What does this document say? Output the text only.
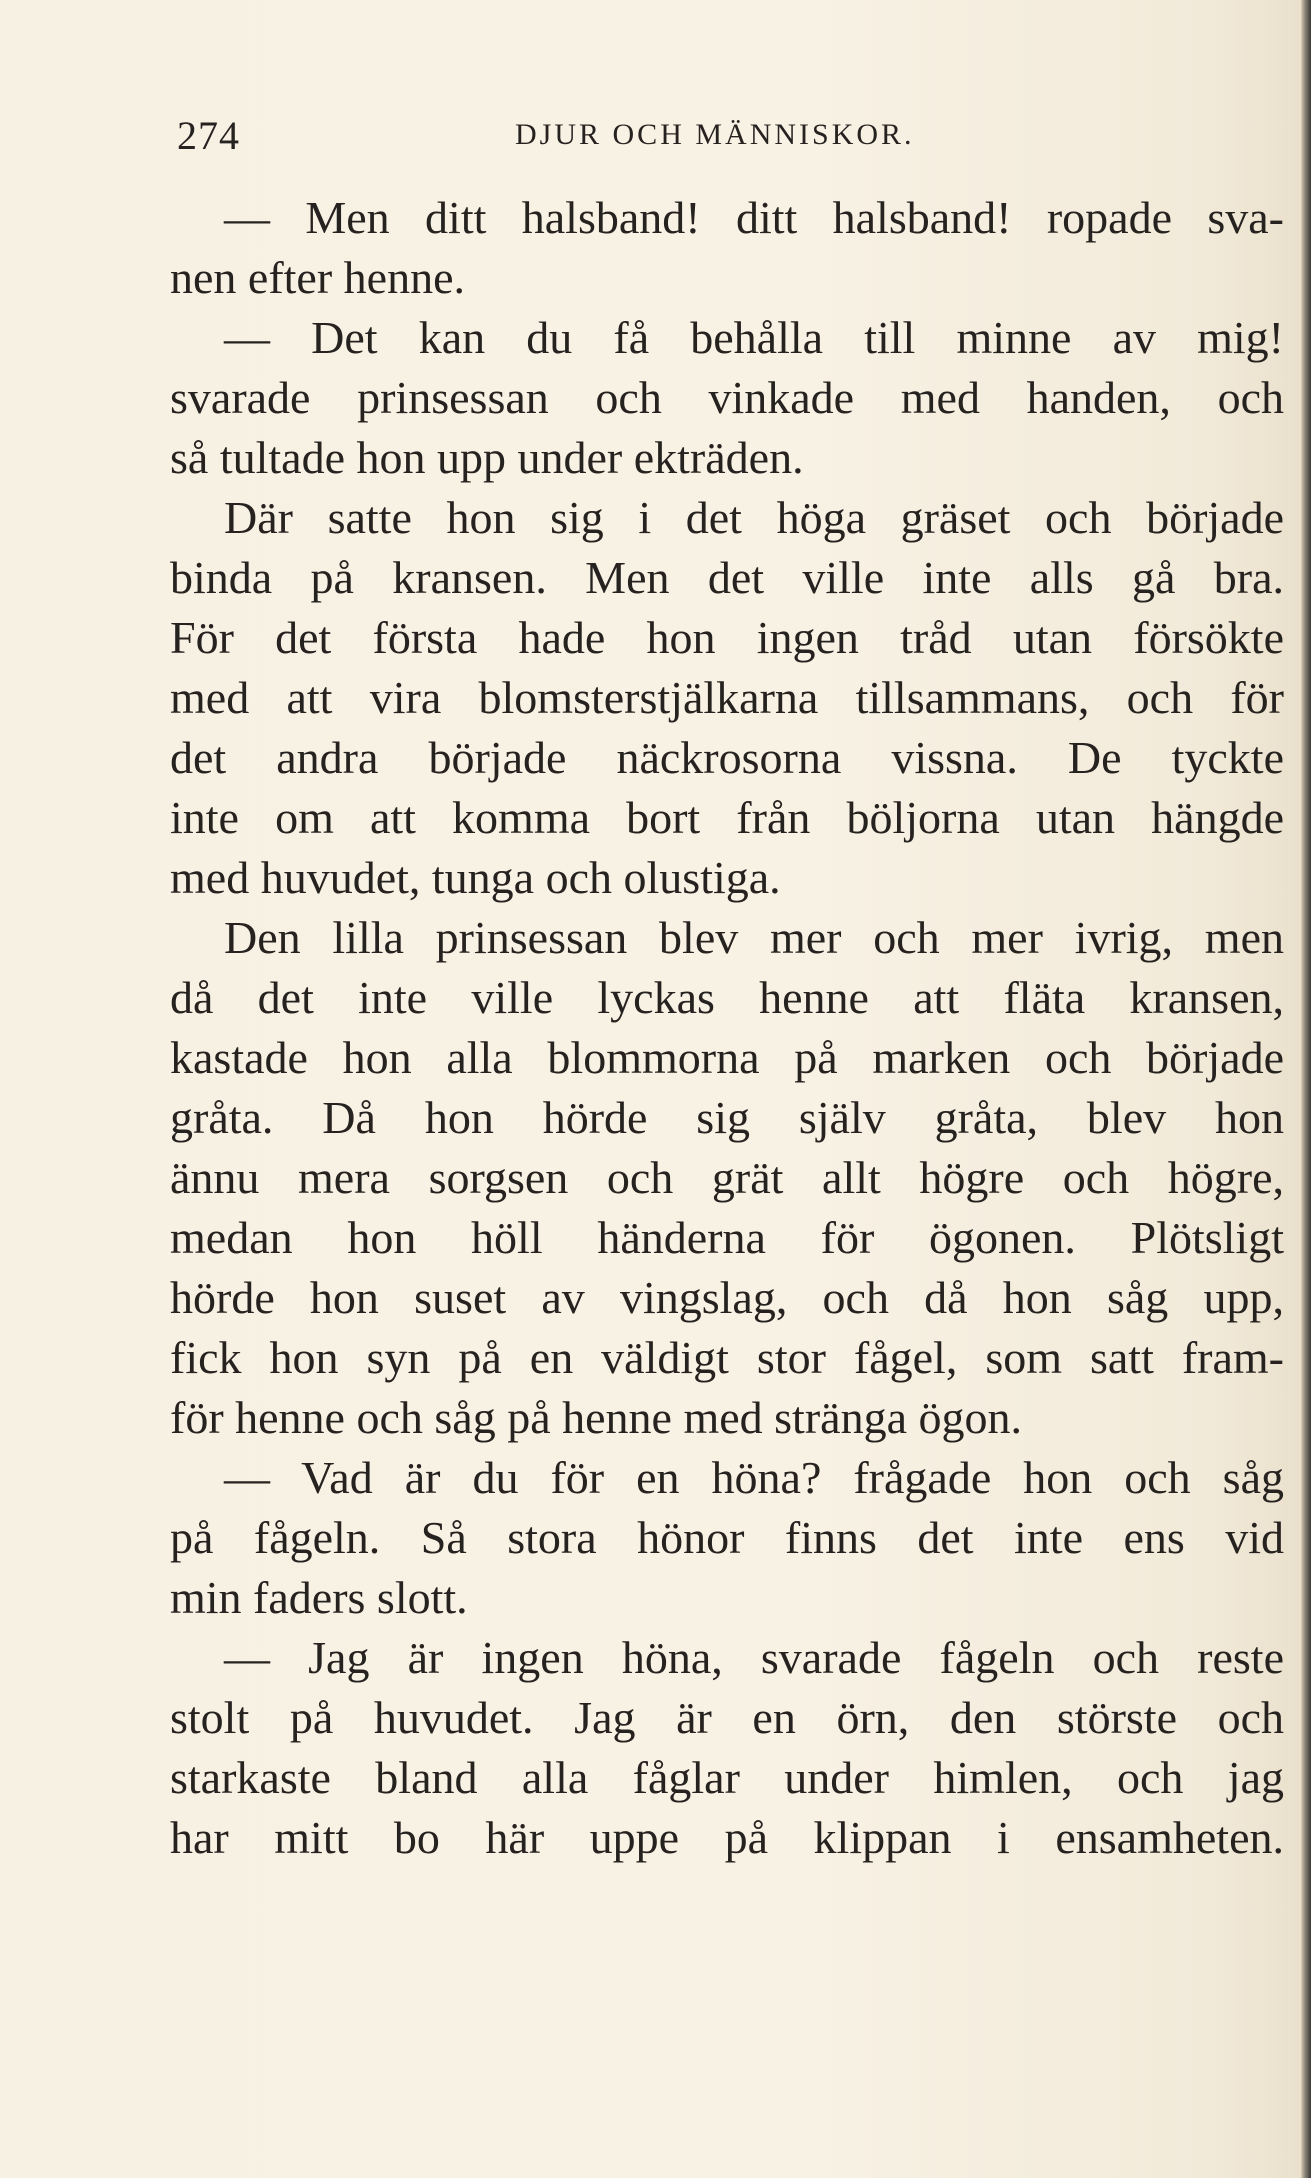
274	DJUR OCH MÄNNISKOR.
— Men ditt halsband! ditt halsband! ropade sva-
nen efter henne.
— Det kan du få behålla till minne av mig!
svarade prinsessan och vinkade med handen, och
så tultade hon upp under ekträden.
Där satte hon sig i det höga gräset och började
binda på kransen. Men det ville inte alls gå bra.
För det första hade hon ingen tråd utan försökte
med att vira blomsterstjälkarna tillsammans, och för
det andra började näckrosorna vissna. De tyckte
inte om att komma bort från böljorna utan hängde
med huvudet, tunga och olustiga.
Den lilla prinsessan blev mer och mer ivrig, men
då det inte ville lyckas henne att fläta kransen,
kastade hon alla blommorna på marken och började
gråta. Då hon hörde sig själv gråta, blev hon
ännu mera sorgsen och grät allt högre och högre,
medan hon höll händerna för ögonen. Plötsligt
hörde hon suset av vingslag, och då hon såg upp,
fick hon syn på en väldigt stor fågel, som satt fram-
för henne och såg på henne med stränga ögon.
— Vad är du för en höna? frågade hon och såg
på fågeln. Så stora hönor finns det inte ens vid
min faders slott.
— Jag är ingen höna, svarade fågeln och reste
stolt på huvudet. Jag är en örn, den störste och
starkaste bland alla fåglar under himlen, och jag
har mitt bo här uppe på klippan i ensamheten.
